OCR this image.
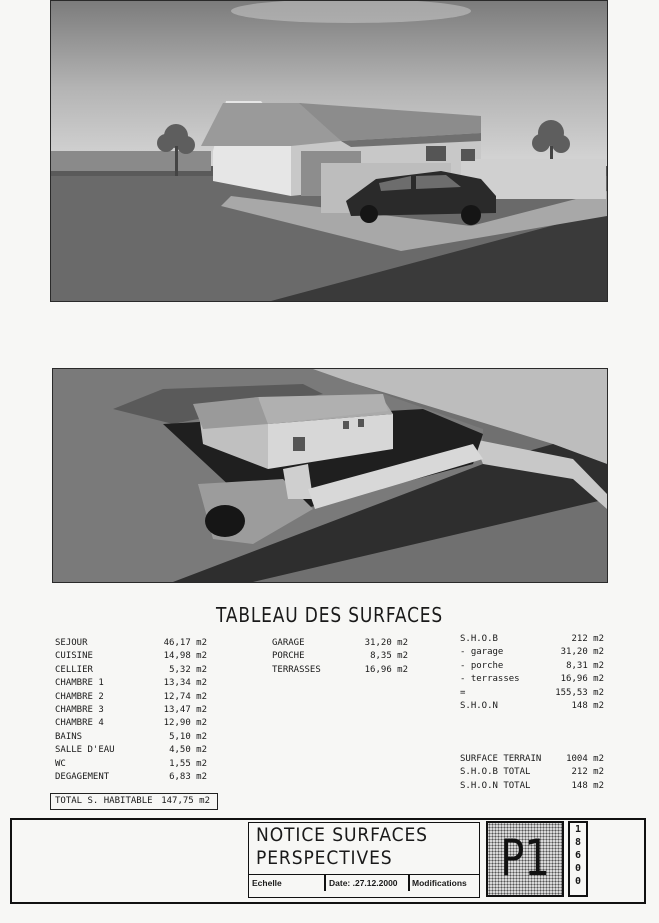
TABLEAU DES SURFACES
SEJOUR	46,17 m2
CUISINE	14,98 m2
CELLIER	5,32 m2
CHAMBRE 1	13,34 m2
CHAMBRE 2	12,74 m2
CHAMBRE 3	13,47 m2
CHAMBRE 4	12,90 m2
BAINS	5,10 m2
SALLE D'EAU	4,50 m2
WC	1,55 m2
DEGAGEMENT	6,83 m2
GARAGE	31,20 m2
PORCHE	8,35 m2
TERRASSES	16,96 m2
S.H.O.B	212 m2
- garage	31,20 m2
- porche	8,31 m2
- terrasses	16,96 m2
=	155,53 m2
S.H.O.N	148 m2
SURFACE TERRAIN	1004 m2
S.H.O.B TOTAL	212 m2
S.H.O.N TOTAL	148 m2
TOTAL S. HABITABLE 147,75 m2
NOTICE SURFACES
PERSPECTIVES
Echelle	Date: .27.12.2000 Modifications P1	1
8
6
0
0
